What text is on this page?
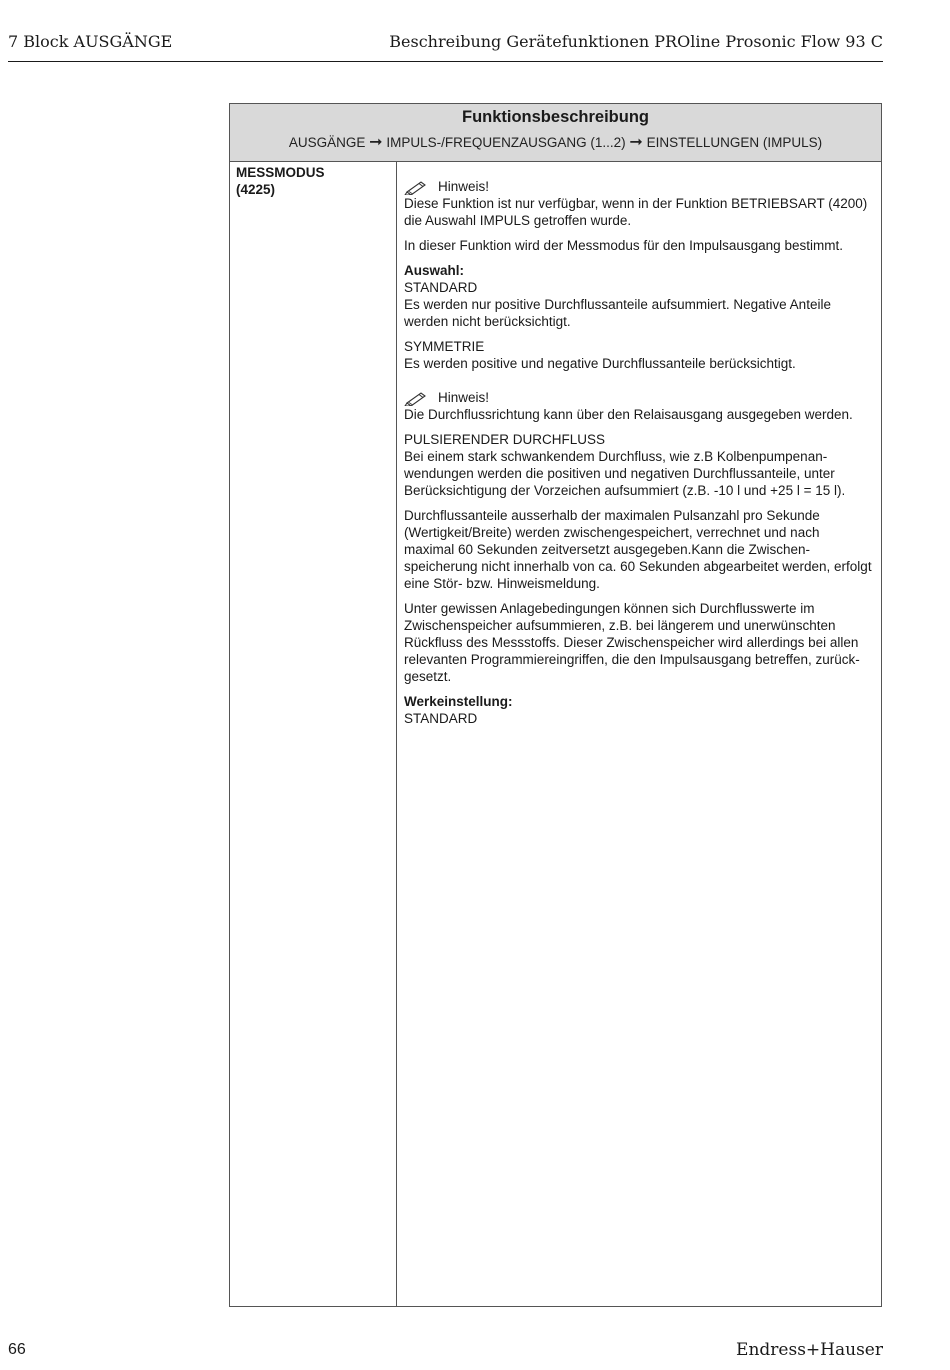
7 Block AUSGÄNGE	Beschreibung Gerätefunktionen PROline Prosonic Flow 93 C
Funktionsbeschreibung
AUSGÄNGE ➞ IMPULS-/FREQUENZAUSGANG (1...2) ➞ EINSTELLUNGEN (IMPULS)
MESSMODUS
(4225)	Hinweis!
Diese Funktion ist nur verfügbar, wenn in der Funktion BETRIEBSART (4200) die Auswahl IMPULS getroffen wurde.
In dieser Funktion wird der Messmodus für den Impulsausgang bestimmt.
Auswahl:
STANDARD
Es werden nur positive Durchflussanteile aufsummiert. Negative Anteile werden nicht berücksichtigt.
SYMMETRIE
Es werden positive und negative Durchflussanteile berücksichtigt.
Hinweis!
Die Durchflussrichtung kann über den Relaisausgang ausgegeben werden.
PULSIERENDER DURCHFLUSS
Bei einem stark schwankendem Durchfluss, wie z.B Kolbenpumpenan-wendungen werden die positiven und negativen Durchflussanteile, unter Berücksichtigung der Vorzeichen aufsummiert (z.B. -10 l und +25 l = 15 l).
Durchflussanteile ausserhalb der maximalen Pulsanzahl pro Sekunde (Wertigkeit/Breite) werden zwischengespeichert, verrechnet und nach maximal 60 Sekunden zeitversetzt ausgegeben.Kann die Zwischen-speicherung nicht innerhalb von ca. 60 Sekunden abgearbeitet werden, erfolgt eine Stör- bzw. Hinweismeldung.
Unter gewissen Anlagebedingungen können sich Durchflusswerte im Zwischenspeicher aufsummieren, z.B. bei längerem und unerwünschten Rückfluss des Messstoffs. Dieser Zwischenspeicher wird allerdings bei allen relevanten Programmiereingriffen, die den Impulsausgang betreffen, zurück-gesetzt.
Werkeinstellung:
STANDARD
66	Endress+Hauser
